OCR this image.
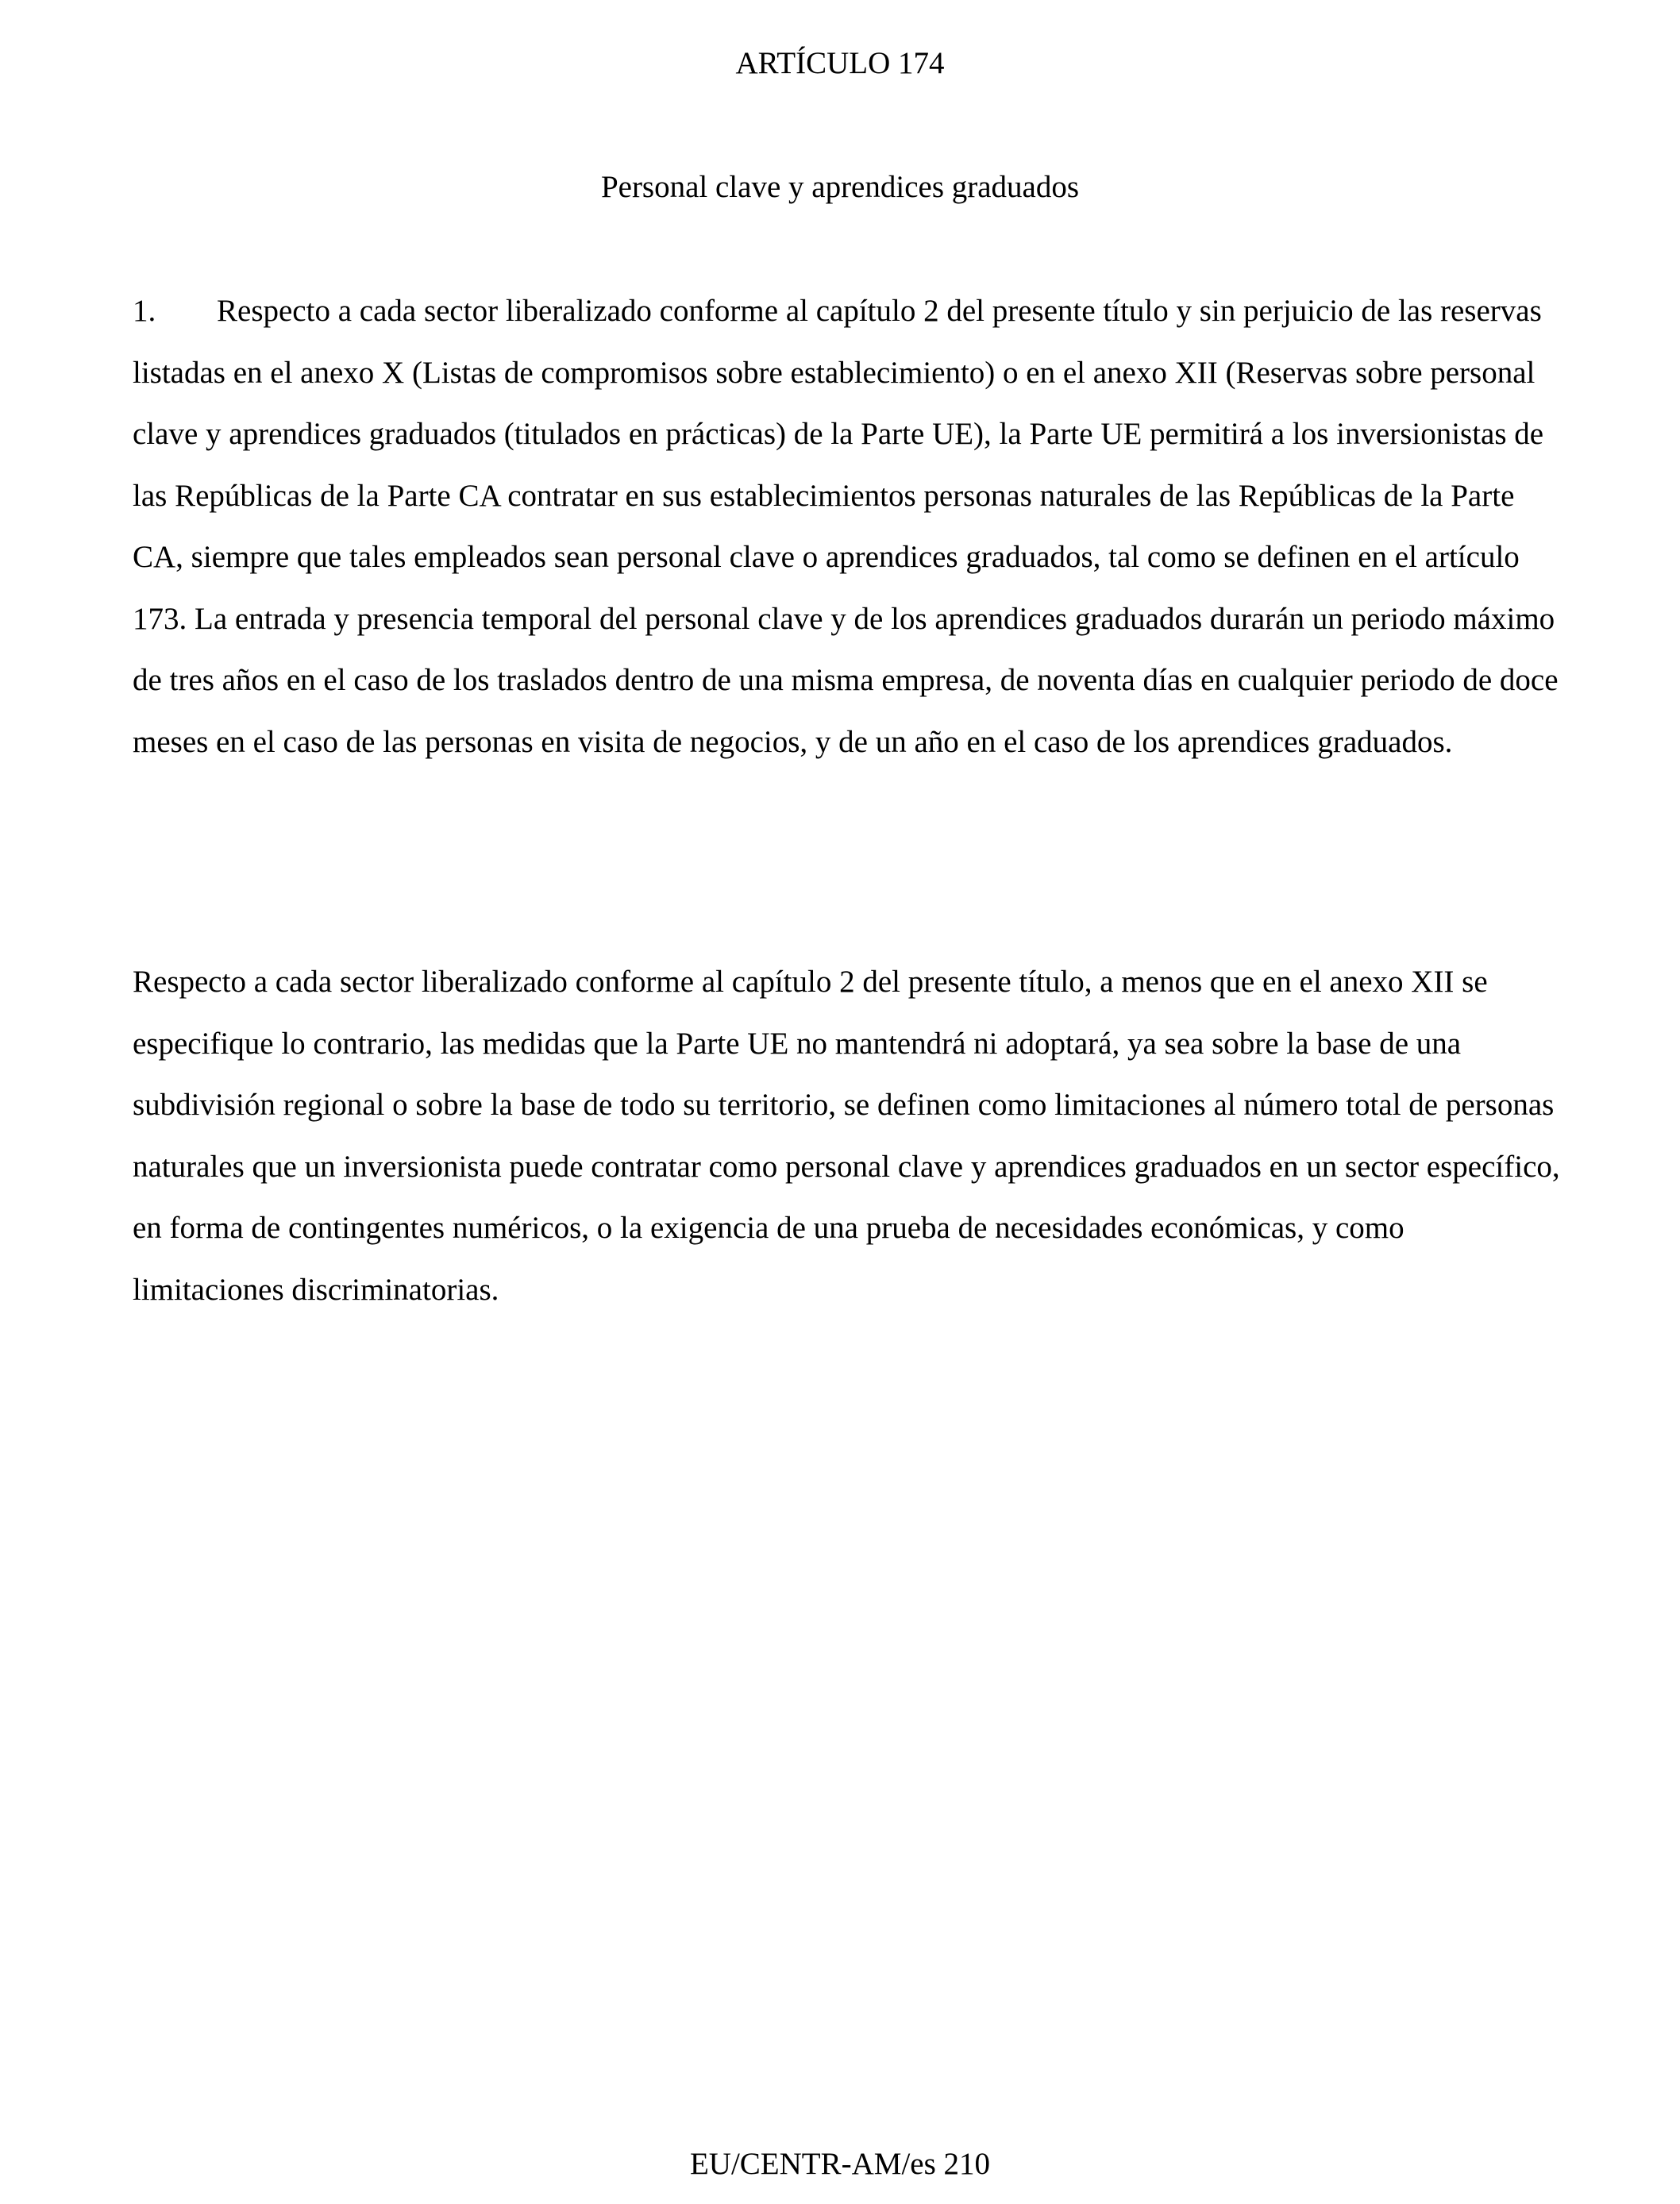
ARTÍCULO 174
Personal clave y aprendices graduados

1. Respecto a cada sector liberalizado conforme al capítulo 2 del presente título y sin perjuicio de las reservas listadas en el anexo X (Listas de compromisos sobre establecimiento) o en el anexo XII (Reservas sobre personal clave y aprendices graduados (titulados en prácticas) de la Parte UE), la Parte UE permitirá a los inversionistas de las Repúblicas de la Parte CA contratar en sus establecimientos personas naturales de las Repúblicas de la Parte CA, siempre que tales empleados sean personal clave o aprendices graduados, tal como se definen en el artículo 173. La entrada y presencia temporal del personal clave y de los aprendices graduados durarán un periodo máximo de tres años en el caso de los traslados dentro de una misma empresa, de noventa días en cualquier periodo de doce meses en el caso de las personas en visita de negocios, y de un año en el caso de los aprendices graduados.

Respecto a cada sector liberalizado conforme al capítulo 2 del presente título, a menos que en el anexo XII se especifique lo contrario, las medidas que la Parte UE no mantendrá ni adoptará, ya sea sobre la base de una subdivisión regional o sobre la base de todo su territorio, se definen como limitaciones al número total de personas naturales que un inversionista puede contratar como personal clave y aprendices graduados en un sector específico, en forma de contingentes numéricos, o la exigencia de una prueba de necesidades económicas, y como limitaciones discriminatorias.

EU/CENTR-AM/es 210
